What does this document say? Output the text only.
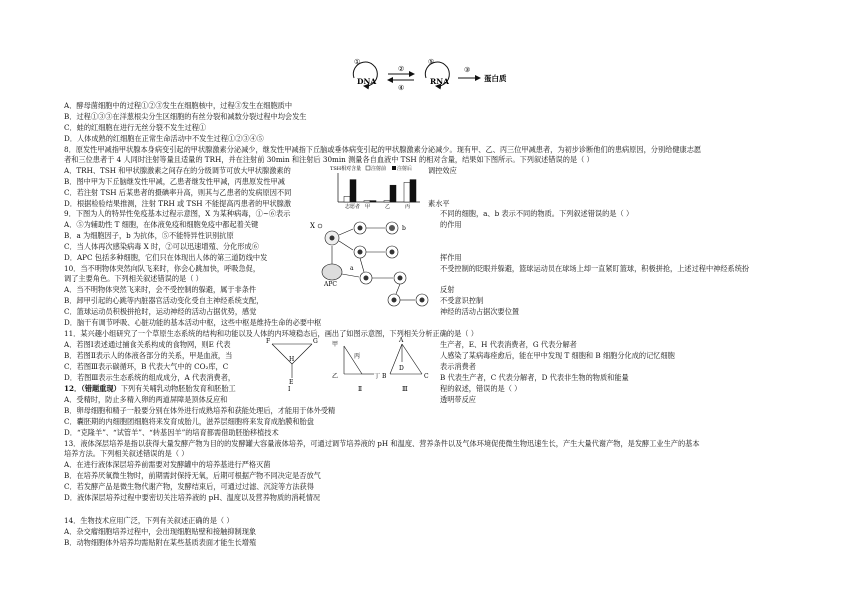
①
DNA
②
④
⑤
RNA
③
蛋白质
A．酵母菌细胞中的过程①②③发生在细胞核中，过程③发生在细胞质中
B．过程①③③在洋葱根尖分生区细胞的有丝分裂和减数分裂过程中均会发生
C．蛙的红细胞在进行无丝分裂不发生过程①
D．人体成熟的红细胞在正常生命活动中不发生过程①②③④⑤
8．原发性甲减指甲状腺本身病变引起的甲状腺激素分泌减少，继发性甲减指下丘脑或垂体病变引起的甲状腺激素分泌减少。现有甲、乙、丙三位甲减患者，为初步诊断他们的患病原因，分别给健康志愿
者和三位患者于 4 人同时注射等量且适量的 TRH，并在注射前 30min 和注射后 30min 测量各自血液中 TSH 的相对含量，结果如下图所示。下列叙述错误的是（ ）
A．TRH、TSH 和甲状腺激素之间存在的分级调节可放大甲状腺激素的
B．图中甲为下丘脑继发性甲减，乙患者继发性甲减，丙患原发性甲减
C．若注射 TSH 后某患者的摄碘率升高，则其与乙患者的发病原因不同
D．根据检验结果推测，注射 TRH 或 TSH 不能提高丙患者的甲状腺激
调控效应
素水平
TSH相对含量 注射前 注射后
志愿者 甲	乙	丙
9．下图为人的特异性免疫基本过程示意图，X 为某种病毒，①~⑥表示	不同的细胞，a、b 表示不同的物质。下列叙述错误的是（ ）
A．⑤为辅助性 T 细胞，在体液免疫和细胞免疫中都起着关键	的作用
B．a 为细胞因子，b 为抗体，⑤不能特异性识别抗原
C．当人体再次感染病毒 X 时，②可以迅速增殖、分化形成⑥
D．APC 包括多种细胞，它们只在体现出人体的第三道防线中发	挥作用
X	b
APC
a
10．当不明物体突然向队飞来时，你会心跳加快，呼吸急促，	不受控制的眨眼并躲避，篮球运动员在球场上却一直紧盯篮球，积极拼抢，上述过程中神经系统扮
调了主要角色。下列相关叙述错误的是（ ）
A．当不明物体突然飞来时，会不受控制的躲避，属于非条件	反射
B．卸甲引起的心跳等内脏器官活动变化受自主神经系统支配，	不受意识控制
C．篮球运动员积极拼抢时，运动神经的活动占据优势，感觉	神经的活动占据次要位置
D．脑干有调节呼吸、心脏功能的基本活动中枢，这些中枢是维持生命的必要中枢
11．某兴趣小组研究了一个草原生态系统的结构和功能以及人体的内环境稳态后，画出了如图示意图，下列相关分析正确的是（ ）
A．若图Ⅰ表述通过捕食关系构成的食物网，则E 代表	生产者，E、H 代表消费者，G 代表分解者
B．若图Ⅱ表示人的体液各部分的关系，甲是血液，当	人感染了某病毒痊愈后，能在甲中发现 T 细胞和 B 细胞分化成的记忆细胞
C．若图Ⅲ表示碳循环，B 代表大气中的 CO₂库，C	表示消费者
D．若图Ⅲ表示生态系统的组成成分，A 代表消费者，	B 代表生产者，C 代表分解者，D 代表非生物的物质和能量
F	G
H
E
Ⅰ
甲
乙
丙
丁
Ⅱ
A
B	C
D
Ⅲ
12．（错题重现）下列有关哺乳动物胚胎发育和胚胎工	程的叙述，错误的是（ ）
A．受精时，防止多精入卵的两道屏障是顶体反应和	透明带反应
B．卵母细胞和精子一般要分别在体外进行成熟培养和获能处理后，才能用于体外受精
C．囊胚期的内细胞团细胞将来发育成胎儿，滋养层细胞将来发育成胎膜和胎盘
D．“克隆羊”、“试管羊”、“转基因羊”的培育都需借助胚胎移植技术
13．液体深层培养是指以获得大量发酵产物为目的的发酵罐大容量液体培养，可通过调节培养液的 pH 和温度、营养条件以及气体环境促使微生物迅速生长，产生大量代谢产物，是发酵工业生产的基本
培养方法。下列相关叙述错误的是（ ）
A．在进行液体深层培养前需要对发酵罐中的培养基进行严格灭菌
B．在培养厌氧微生物时，前期需封保持无氧，后期可根据产物不同决定是否放气
C．若发酵产品是微生物代谢产物，发酵结束后，可通过过滤、沉淀等方法获得
D．液体深层培养过程中要密切关注培养液的 pH、温度以及营养物质的消耗情况
14．生物技术应用广泛，下列有关叙述正确的是（ ）
A．杂交瘤细胞培养过程中，会出现细胞贴壁和接触抑制现象
B．动物细胞体外培养均需贴附在某些基质表面才能生长增殖
